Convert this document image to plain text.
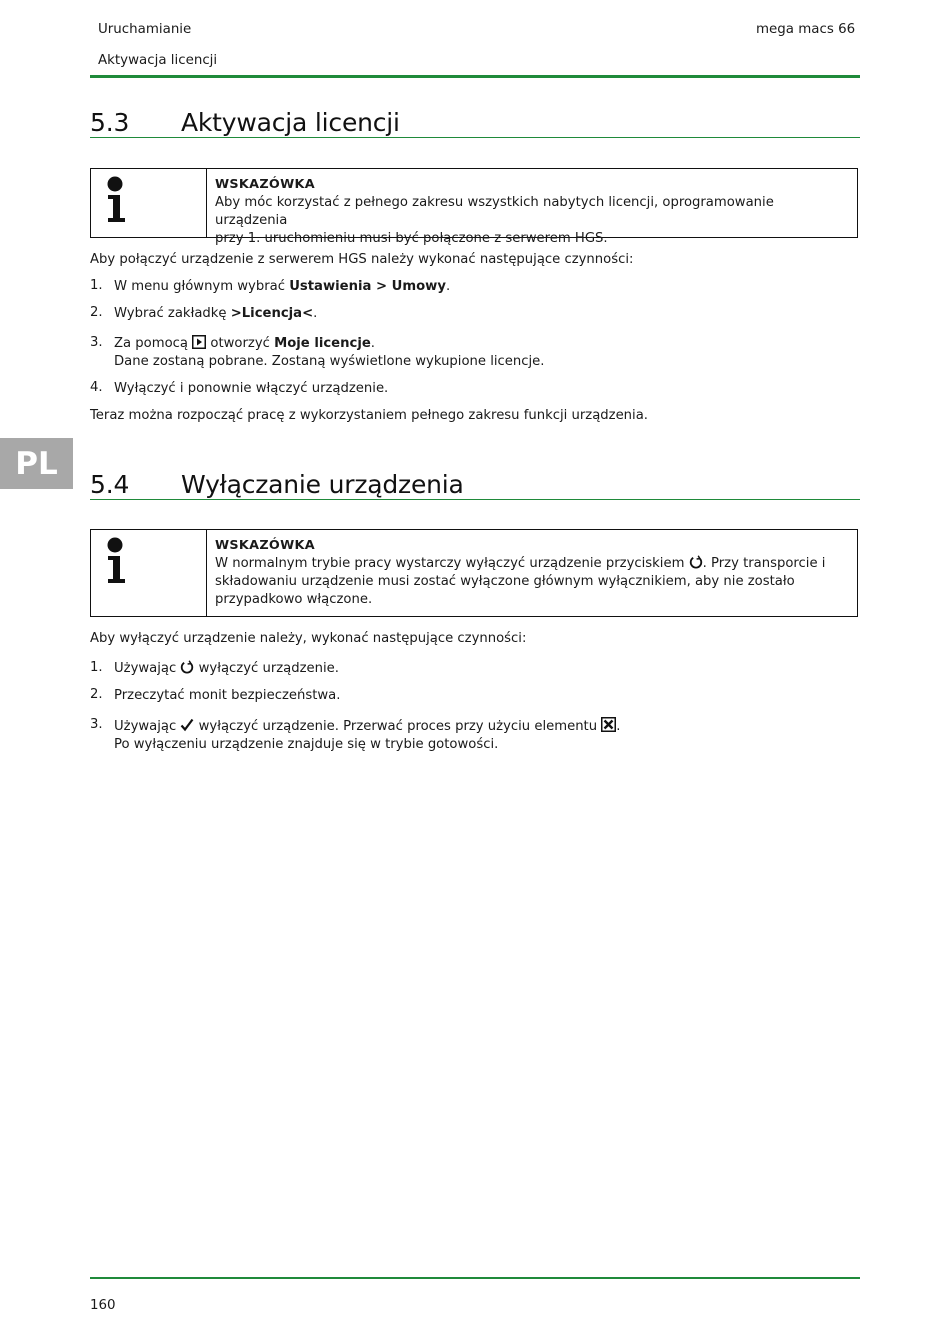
Uruchamianie	mega macs 66
Aktywacja licencji
PL
5.3 Aktywacja licencji
WSKAZÓWKA
Aby móc korzystać z pełnego zakresu wszystkich nabytych licencji, oprogramowanie urządzenia
przy 1. uruchomieniu musi być połączone z serwerem HGS.
Aby połączyć urządzenie z serwerem HGS należy wykonać następujące czynności:
1. W menu głównym wybrać Ustawienia > Umowy.
2. Wybrać zakładkę >Licencja<.
3. Za pomocą  otworzyć Moje licencje.
Dane zostaną pobrane. Zostaną wyświetlone wykupione licencje.
4. Wyłączyć i ponownie włączyć urządzenie.
Teraz można rozpocząć pracę z wykorzystaniem pełnego zakresu funkcji urządzenia.
5.4 Wyłączanie urządzenia
WSKAZÓWKA
W normalnym trybie pracy wystarczy wyłączyć urządzenie przyciskiem . Przy transporcie i
składowaniu urządzenie musi zostać wyłączone głównym wyłącznikiem, aby nie zostało
przypadkowo włączone.
Aby wyłączyć urządzenie należy, wykonać następujące czynności:
1. Używając  wyłączyć urządzenie.
2. Przeczytać monit bezpieczeństwa.
3. Używając  wyłączyć urządzenie. Przerwać proces przy użyciu elementu .
Po wyłączeniu urządzenie znajduje się w trybie gotowości.
160
